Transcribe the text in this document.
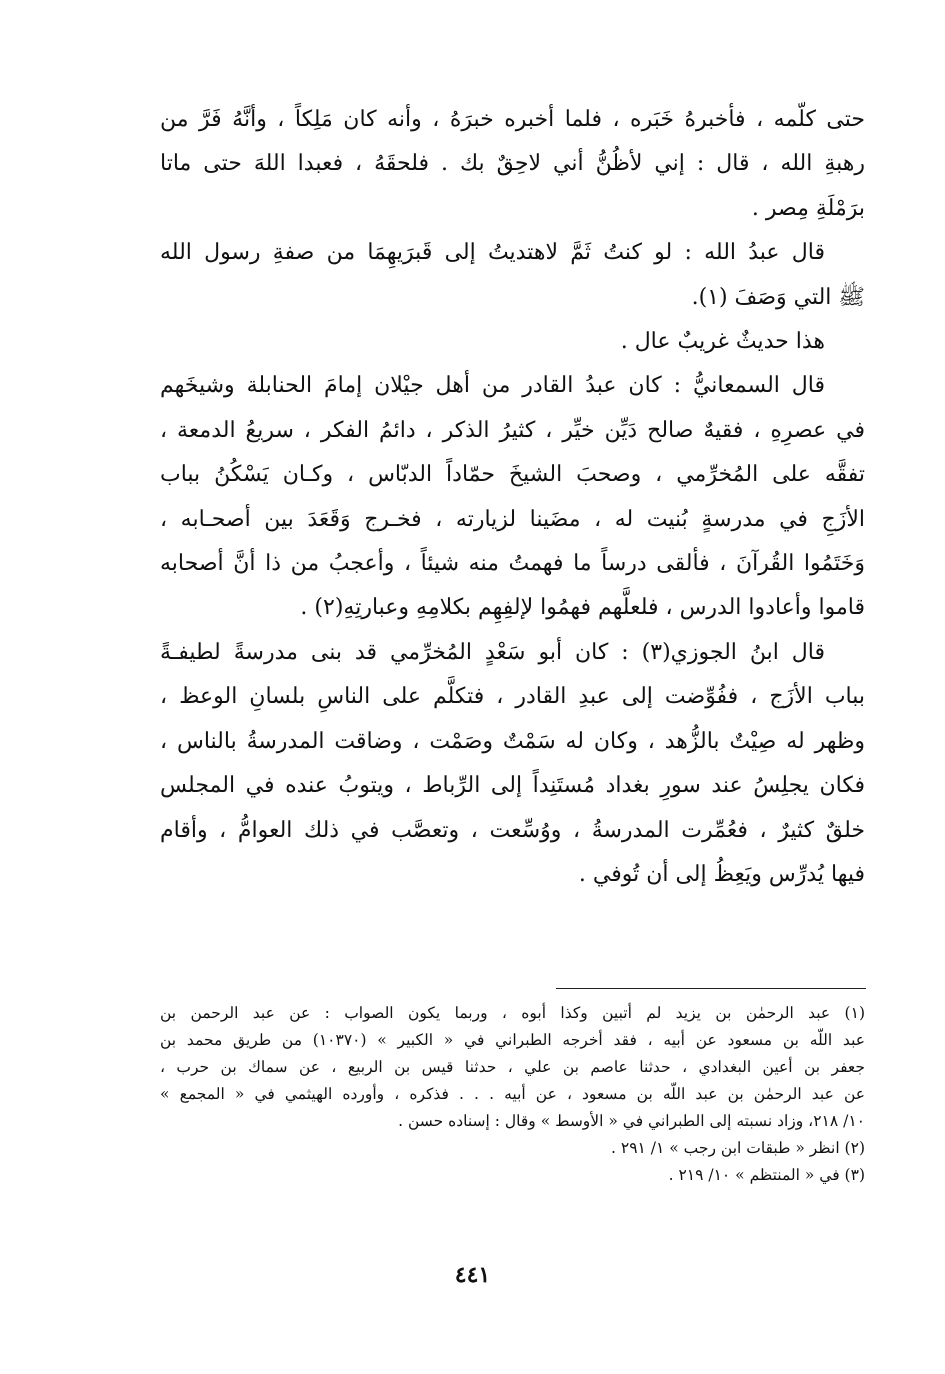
حتى كلّمه ، فأخبرهُ خَبَره ، فلما أخبره خبرَهُ ، وأنه كان مَلِكاً ، وأنَّهُ فَرَّ من
رهبةِ الله ، قال : إني لأظُنُّ أني لاحِقٌ بك . فلحقَهُ ، فعبدا اللهَ حتى ماتا
برَمْلَةِ مِصر .
قال عبدُ الله : لو كنتُ ثَمَّ لاهتديتُ إلى قَبرَيهِمَا من صفةِ رسول الله
ﷺ التي وَصَفَ (١).
هذا حديثٌ غريبٌ عال .
قال السمعانيُّ : كان عبدُ القادر من أهل جيْلان إمامَ الحنابلة وشيخَهم
في عصرِهِ ، فقيهٌ صالح دَيِّن خيِّر ، كثيرُ الذكر ، دائمُ الفكر ، سريعُ الدمعة ،
تفقَّه على المُخرِّمي ، وصحبَ الشيخَ حمّاداً الدبّاس ، وكـان يَسْكُنُ بباب
الأزَجِ في مدرسةٍ بُنيت له ، مضَينا لزيارته ، فخـرج وَقَعَدَ بين أصحـابه ،
وَخَتَمُوا القُرآنَ ، فألقى درساً ما فهمتُ منه شيئاً ، وأعجبُ من ذا أنَّ أصحابه
قاموا وأعادوا الدرس ، فلعلَّهم فهمُوا لإلفِهِم بكلامِهِ وعبارتِهِ(٢) .
قال ابنُ الجوزي(٣) : كان أبو سَعْدٍ المُخرِّمي قد بنى مدرسةً لطيفـةً
بباب الأزَج ، ففُوِّضت إلى عبدِ القادر ، فتكلَّم على الناسِ بلسانِ الوعظ ،
وظهر له صِيْتٌ بالزُّهد ، وكان له سَمْتٌ وصَمْت ، وضاقت المدرسةُ بالناس ،
فكان يجلِسُ عند سورِ بغداد مُستَنِداً إلى الرِّباط ، ويتوبُ عنده في المجلس
خلقٌ كثيرٌ ، فعُمِّرت المدرسةُ ، ووُسِّعت ، وتعصَّب في ذلك العوامُّ ، وأقام
فيها يُدرِّس ويَعِظُ إلى أن تُوفي .
(١) عبد الرحمٰن بن يزيد لم أتبين وكذا أبوه ، وربما يكون الصواب : عن عبد الرحمن بن
عبد اللّه بن مسعود عن أبيه ، فقد أخرجه الطبراني في « الكبير » (١٠٣٧٠) من طريق محمد بن
جعفر بن أعين البغدادي ، حدثنا عاصم بن علي ، حدثنا قيس بن الربيع ، عن سماك بن حرب ،
عن عبد الرحمٰن بن عبد اللّه بن مسعود ، عن أبيه . . . فذكره ، وأورده الهيثمي في « المجمع »
١٠/ ٢١٨، وزاد نسبته إلى الطبراني في « الأوسط » وقال : إسناده حسن .
(٢) انظر « طبقات ابن رجب » ١/ ٢٩١ .
(٣) في « المنتظم » ١٠/ ٢١٩ .
٤٤١
